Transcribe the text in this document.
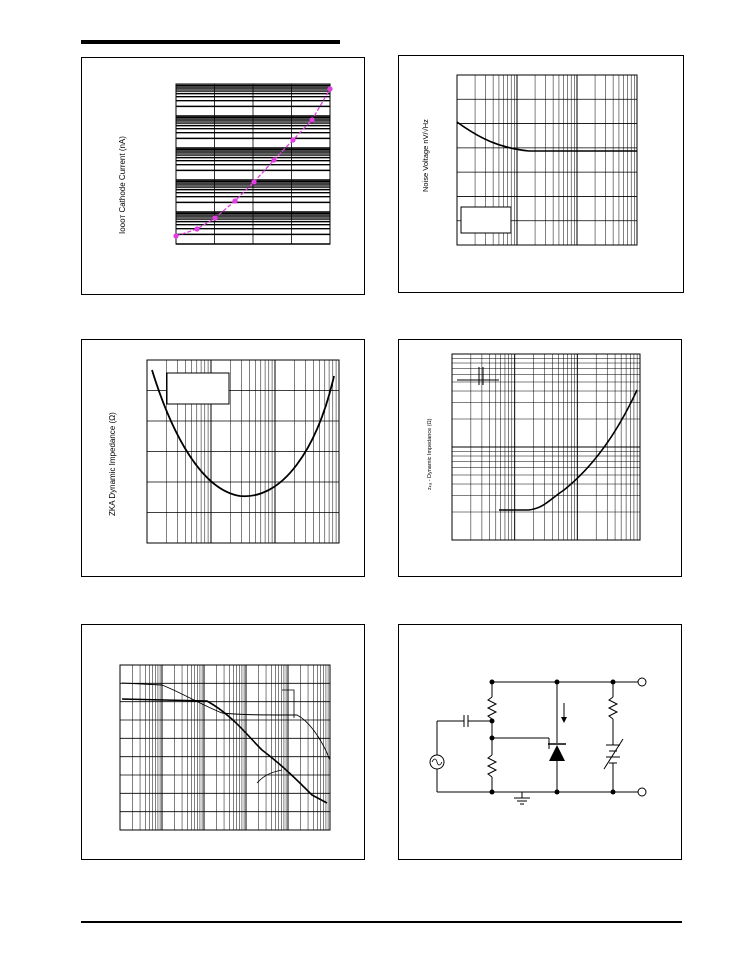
Iᴏᴏᴏᴛ Cathode Current (nA)	Noise Voltage nV/√Hz
ZKA Dynamic Impedance (Ω)	zₖₐ - Dynamic Impedance (Ω)
